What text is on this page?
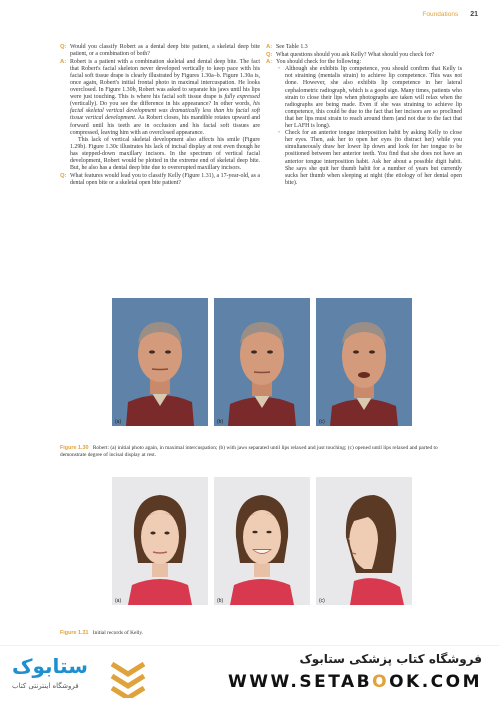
Foundations 21
Q: Would you classify Robert as a dental deep bite patient, a skeletal deep bite patient, or a combination of both?

A: Robert is a patient with a combination skeletal and dental deep bite. The fact that Robert's facial skeleton never developed vertically to keep pace with his facial soft tissue drape is clearly illustrated by Figures 1.30a–b. Figure 1.30a is, once again, Robert's initial frontal photo in maximal intercuspation. He looks overclosed. In Figure 1.30b, Robert was asked to separate his jaws until his lips were just touching. This is where his facial soft tissue drape is fully expressed (vertically). Do you see the difference in his appearance? In other words, his facial skeletal vertical development was dramatically less than his facial soft tissue vertical development. As Robert closes, his mandible rotates upward and forward until his teeth are in occlusion and his facial soft tissues are compressed, leaving him with an overclosed appearance.

This lack of vertical skeletal development also affects his smile (Figure 1.29b). Figure 1.30c illustrates his lack of incisal display at rest even though he has stepped-down maxillary incisors. In the spectrum of vertical facial development, Robert would be plotted in the extreme end of skeletal deep bite. But, he also has a dental deep bite due to overerupted maxillary incisors.

Q: What features would lead you to classify Kelly (Figure 1.31), a 17-year-old, as a dental open bite or a skeletal open bite patient?

A: See Table 1.3

Q: What questions should you ask Kelly? What should you check for?

A: You should check for the following:

• Although she exhibits lip competence, you should confirm that Kelly is not straining (mentalis strain) to achieve lip competence. This was not done. However, she also exhibits lip competence in her lateral cephalometric radiograph, which is a good sign. Many times, patients who strain to close their lips when photographs are taken will relax when the radiographs are being made. Even if she was straining to achieve lip competence, this could be due to the fact that her incisors are so proclined that her lips must strain to reach around them (and not due to the fact that her LAFH is long).
• Check for an anterior tongue interposition habit by asking Kelly to close her eyes. Then, ask her to open her eyes (to distract her) while you simultaneously draw her lower lip down and look for her tongue to be positioned between her anterior teeth. You find that she does not have an anterior tongue interposition habit. Ask her about a possible digit habit. She says she quit her thumb habit for a number of years but currently sucks her thumb when sleeping at night (the etiology of her dental open bite).
(a)	(b)	(c)
Figure 1.30 Robert: (a) initial photo again, in maximal intercuspation; (b) with jaws separated until lips relaxed and just touching; (c) opened until lips relaxed and parted to demonstrate degree of incisal display at rest.
(a)	(b)	(c)
Figure 1.31 Initial records of Kelly.
ستابوک
فروشگاه اینترنتی کتاب
فروشگاه کتاب پزشکی ستابوک
WWW.SETABOOK.COM
